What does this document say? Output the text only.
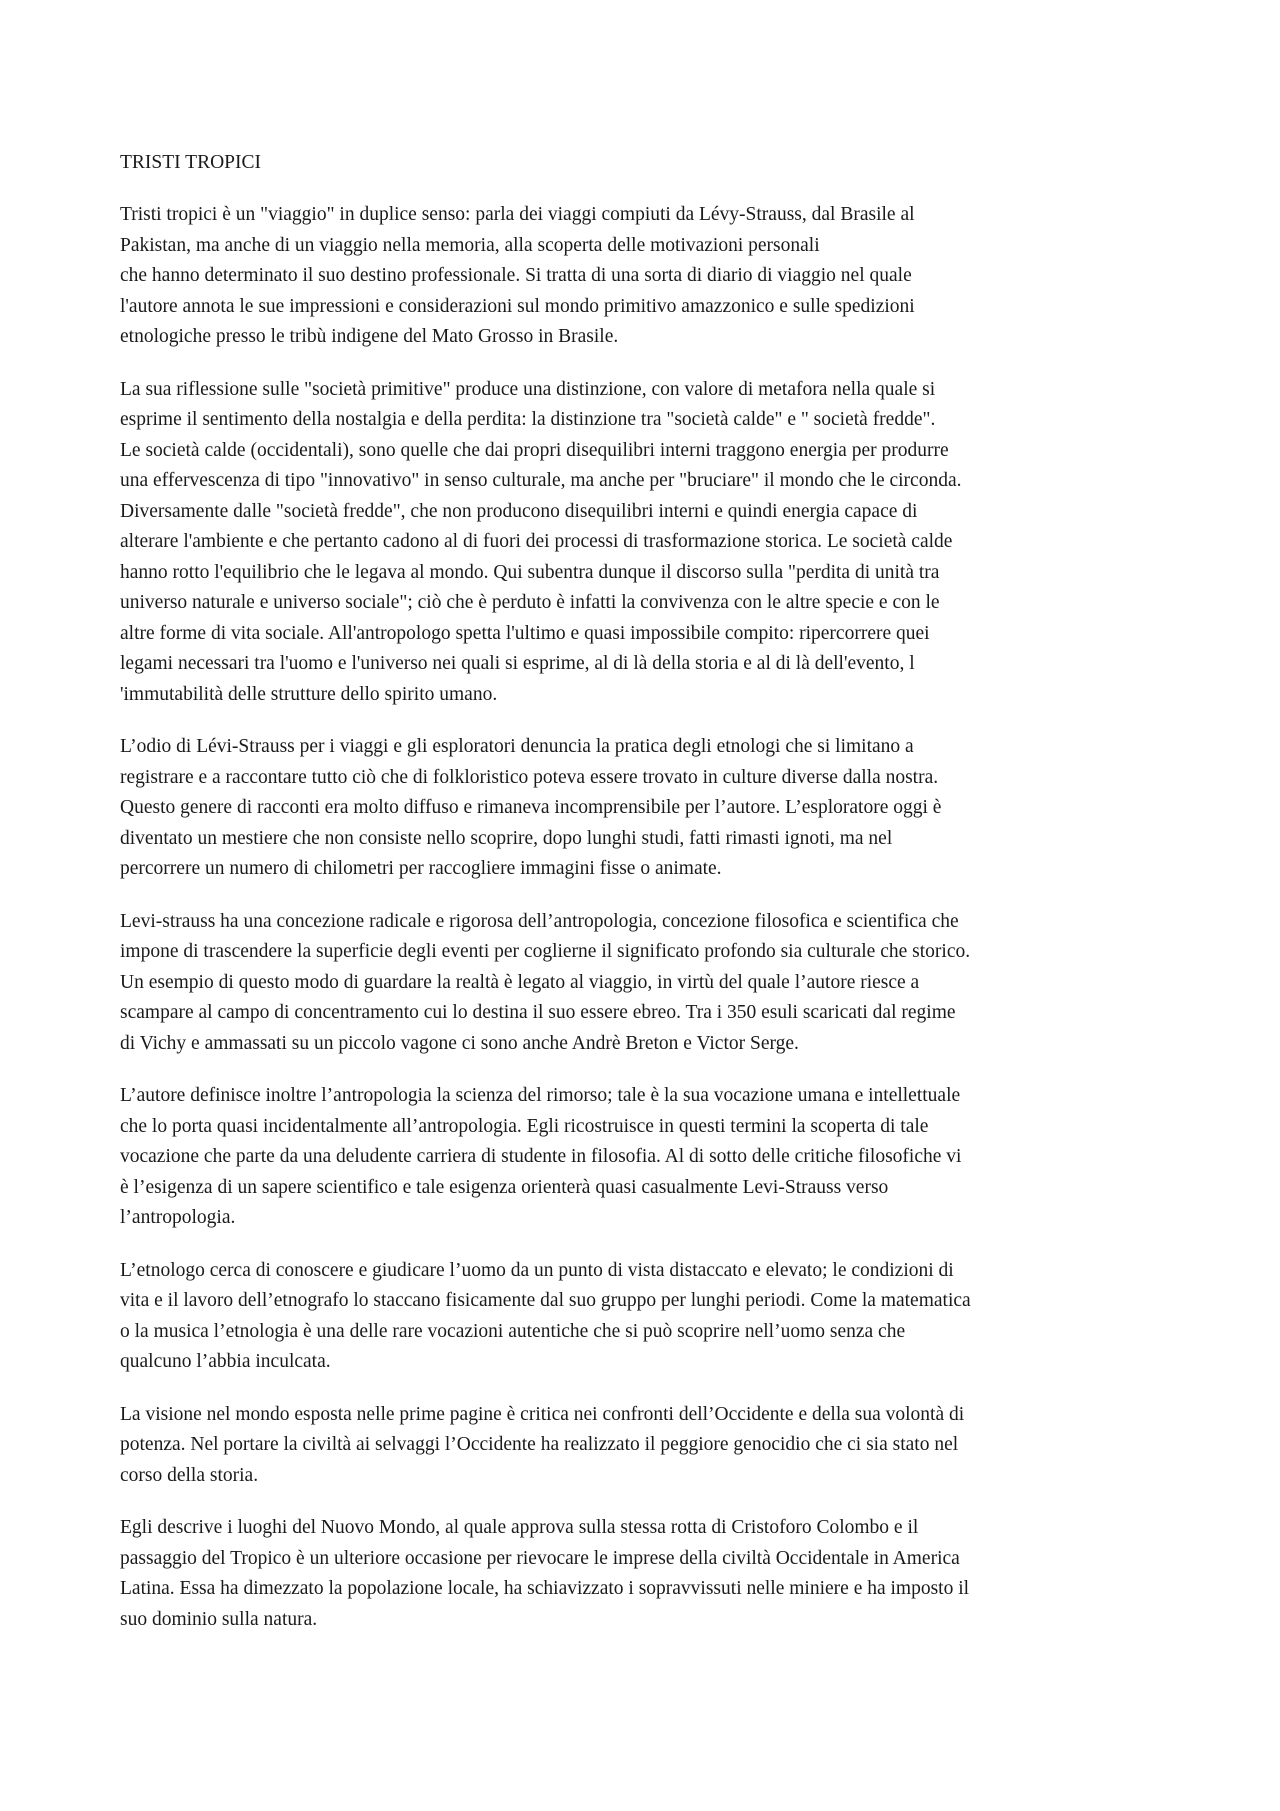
TRISTI TROPICI
Tristi tropici è un "viaggio" in duplice senso: parla dei viaggi compiuti da Lévy-Strauss, dal Brasile al
Pakistan, ma anche di un viaggio nella memoria, alla scoperta delle motivazioni personali
che hanno determinato il suo destino professionale. Si tratta di una sorta di diario di viaggio nel quale
l'autore annota le sue impressioni e considerazioni sul mondo primitivo amazzonico e sulle spedizioni
etnologiche presso le tribù indigene del Mato Grosso in Brasile.
La sua riflessione sulle "società primitive" produce una distinzione, con valore di metafora nella quale si
esprime il sentimento della nostalgia e della perdita: la distinzione tra "società calde" e " società fredde".
Le società calde (occidentali), sono quelle che dai propri disequilibri interni traggono energia per produrre
una effervescenza di tipo "innovativo" in senso culturale, ma anche per "bruciare" il mondo che le circonda.
Diversamente dalle "società fredde", che non producono disequilibri interni e quindi energia capace di
alterare l'ambiente e che pertanto cadono al di fuori dei processi di trasformazione storica. Le società calde
hanno rotto l'equilibrio che le legava al mondo. Qui subentra dunque il discorso sulla "perdita di unità tra
universo naturale e universo sociale"; ciò che è perduto è infatti la convivenza con le altre specie e con le
altre forme di vita sociale. All'antropologo spetta l'ultimo e quasi impossibile compito: ripercorrere quei
legami necessari tra l'uomo e l'universo nei quali si esprime, al di là della storia e al di là dell'evento, l
'immutabilità delle strutture dello spirito umano.
L’odio di Lévi-Strauss per i viaggi e gli esploratori denuncia la pratica degli etnologi che si limitano a
registrare e a raccontare tutto ciò che di folkloristico poteva essere trovato in culture diverse dalla nostra.
Questo genere di racconti era molto diffuso e rimaneva incomprensibile per l’autore. L’esploratore oggi è
diventato un mestiere che non consiste nello scoprire, dopo lunghi studi, fatti rimasti ignoti, ma nel
percorrere un numero di chilometri per raccogliere immagini fisse o animate.
Levi-strauss ha una concezione radicale e rigorosa dell’antropologia, concezione filosofica e scientifica che
impone di trascendere la superficie degli eventi per coglierne il significato profondo sia culturale che storico.
Un esempio di questo modo di guardare la realtà è legato al viaggio, in virtù del quale l’autore riesce a
scampare al campo di concentramento cui lo destina il suo essere ebreo. Tra i 350 esuli scaricati dal regime
di Vichy e ammassati su un piccolo vagone ci sono anche Andrè Breton e Victor Serge.
L’autore definisce inoltre l’antropologia la scienza del rimorso; tale è la sua vocazione umana e intellettuale
che lo porta quasi incidentalmente all’antropologia. Egli ricostruisce in questi termini la scoperta di tale
vocazione che parte da una deludente carriera di studente in filosofia. Al di sotto delle critiche filosofiche vi
è l’esigenza di un sapere scientifico e tale esigenza orienterà quasi casualmente Levi-Strauss verso
l’antropologia.
L’etnologo cerca di conoscere e giudicare l’uomo da un punto di vista distaccato e elevato; le condizioni di
vita e il lavoro dell’etnografo lo staccano fisicamente dal suo gruppo per lunghi periodi. Come la matematica
o la musica l’etnologia è una delle rare vocazioni autentiche che si può scoprire nell’uomo senza che
qualcuno l’abbia inculcata.
La visione nel mondo esposta nelle prime pagine è critica nei confronti dell’Occidente e della sua volontà di
potenza. Nel portare la civiltà ai selvaggi l’Occidente ha realizzato il peggiore genocidio che ci sia stato nel
corso della storia.
Egli descrive i luoghi del Nuovo Mondo, al quale approva sulla stessa rotta di Cristoforo Colombo e il
passaggio del Tropico è un ulteriore occasione per rievocare le imprese della civiltà Occidentale in America
Latina. Essa ha dimezzato la popolazione locale, ha schiavizzato i sopravvissuti nelle miniere e ha imposto il
suo dominio sulla natura.
